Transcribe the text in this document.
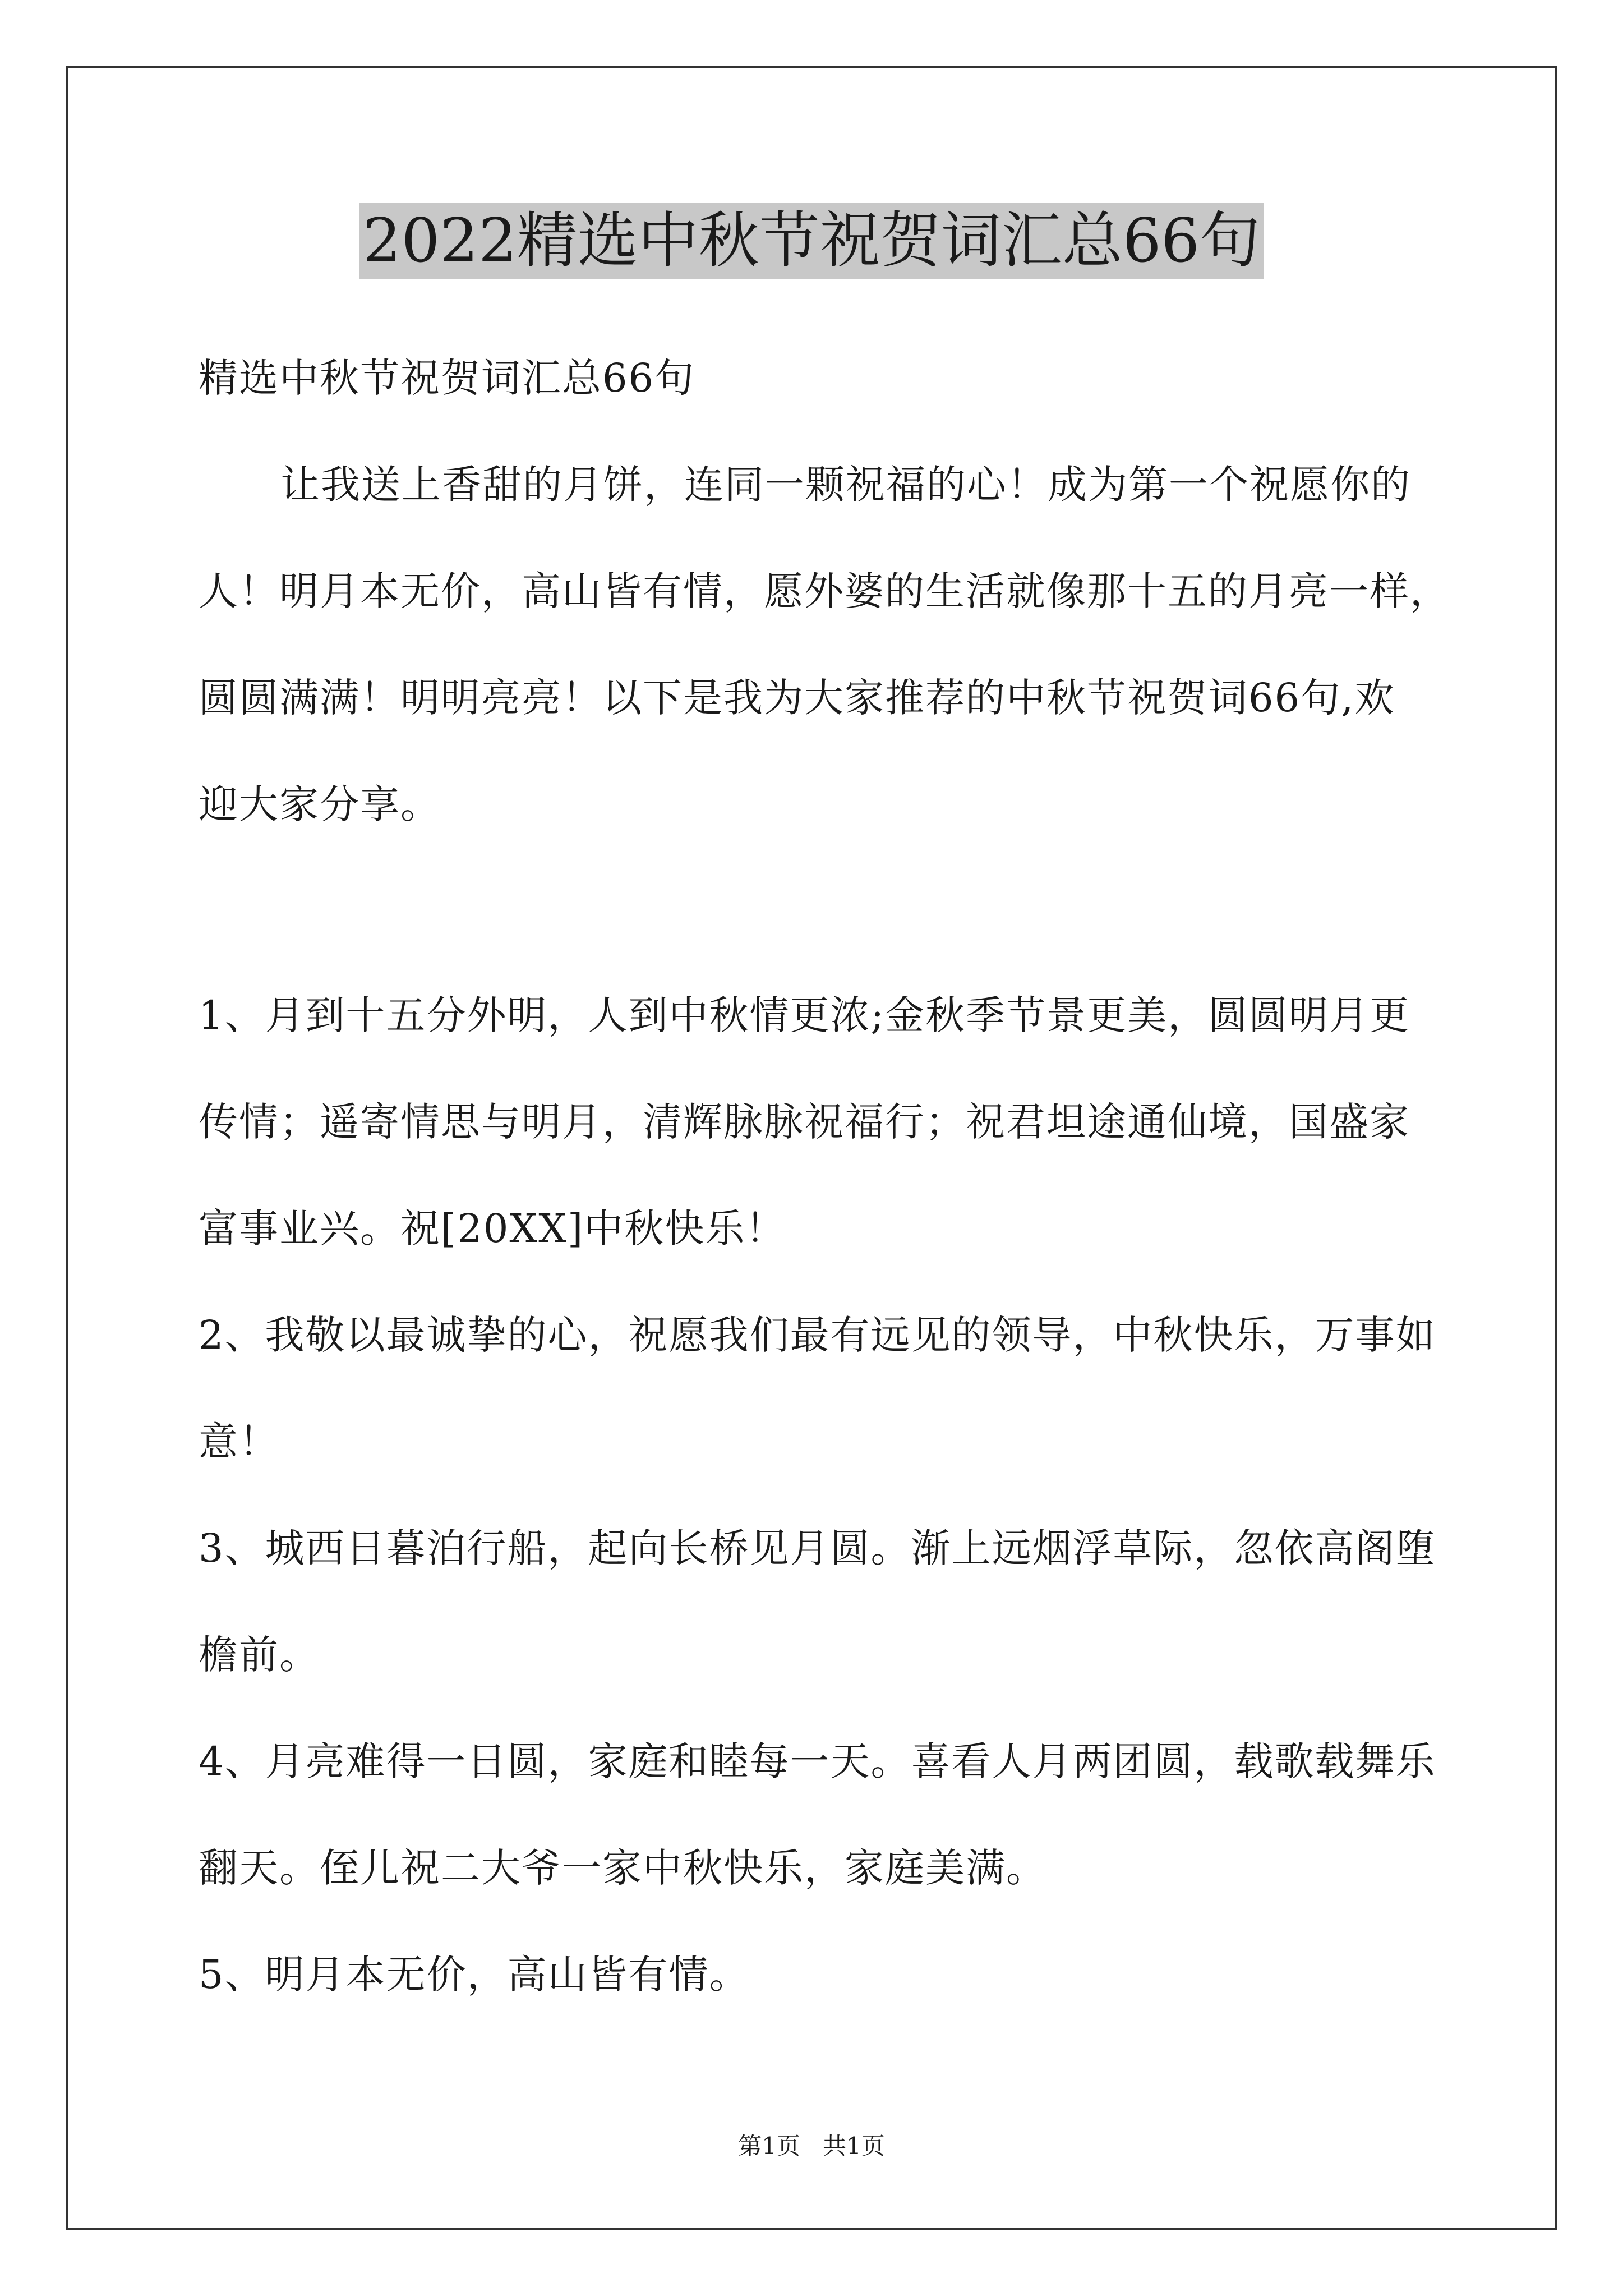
2022精选中秋节祝贺词汇总66句
精选中秋节祝贺词汇总66句
让我送上香甜的月饼，连同一颗祝福的心！成为第一个祝愿你的
人！明月本无价，高山皆有情，愿外婆的生活就像那十五的月亮一样，
圆圆满满！明明亮亮！以下是我为大家推荐的中秋节祝贺词66句,欢
迎大家分享。
1、月到十五分外明，人到中秋情更浓;金秋季节景更美，圆圆明月更
传情；遥寄情思与明月，清辉脉脉祝福行；祝君坦途通仙境，国盛家
富事业兴。祝[20XX]中秋快乐！
2、我敬以最诚挚的心，祝愿我们最有远见的领导，中秋快乐，万事如
意！
3、城西日暮泊行船，起向长桥见月圆。渐上远烟浮草际，忽依高阁堕
檐前。
4、月亮难得一日圆，家庭和睦每一天。喜看人月两团圆，载歌载舞乐
翻天。侄儿祝二大爷一家中秋快乐，家庭美满。
5、明月本无价，高山皆有情。
第1页   共1页
